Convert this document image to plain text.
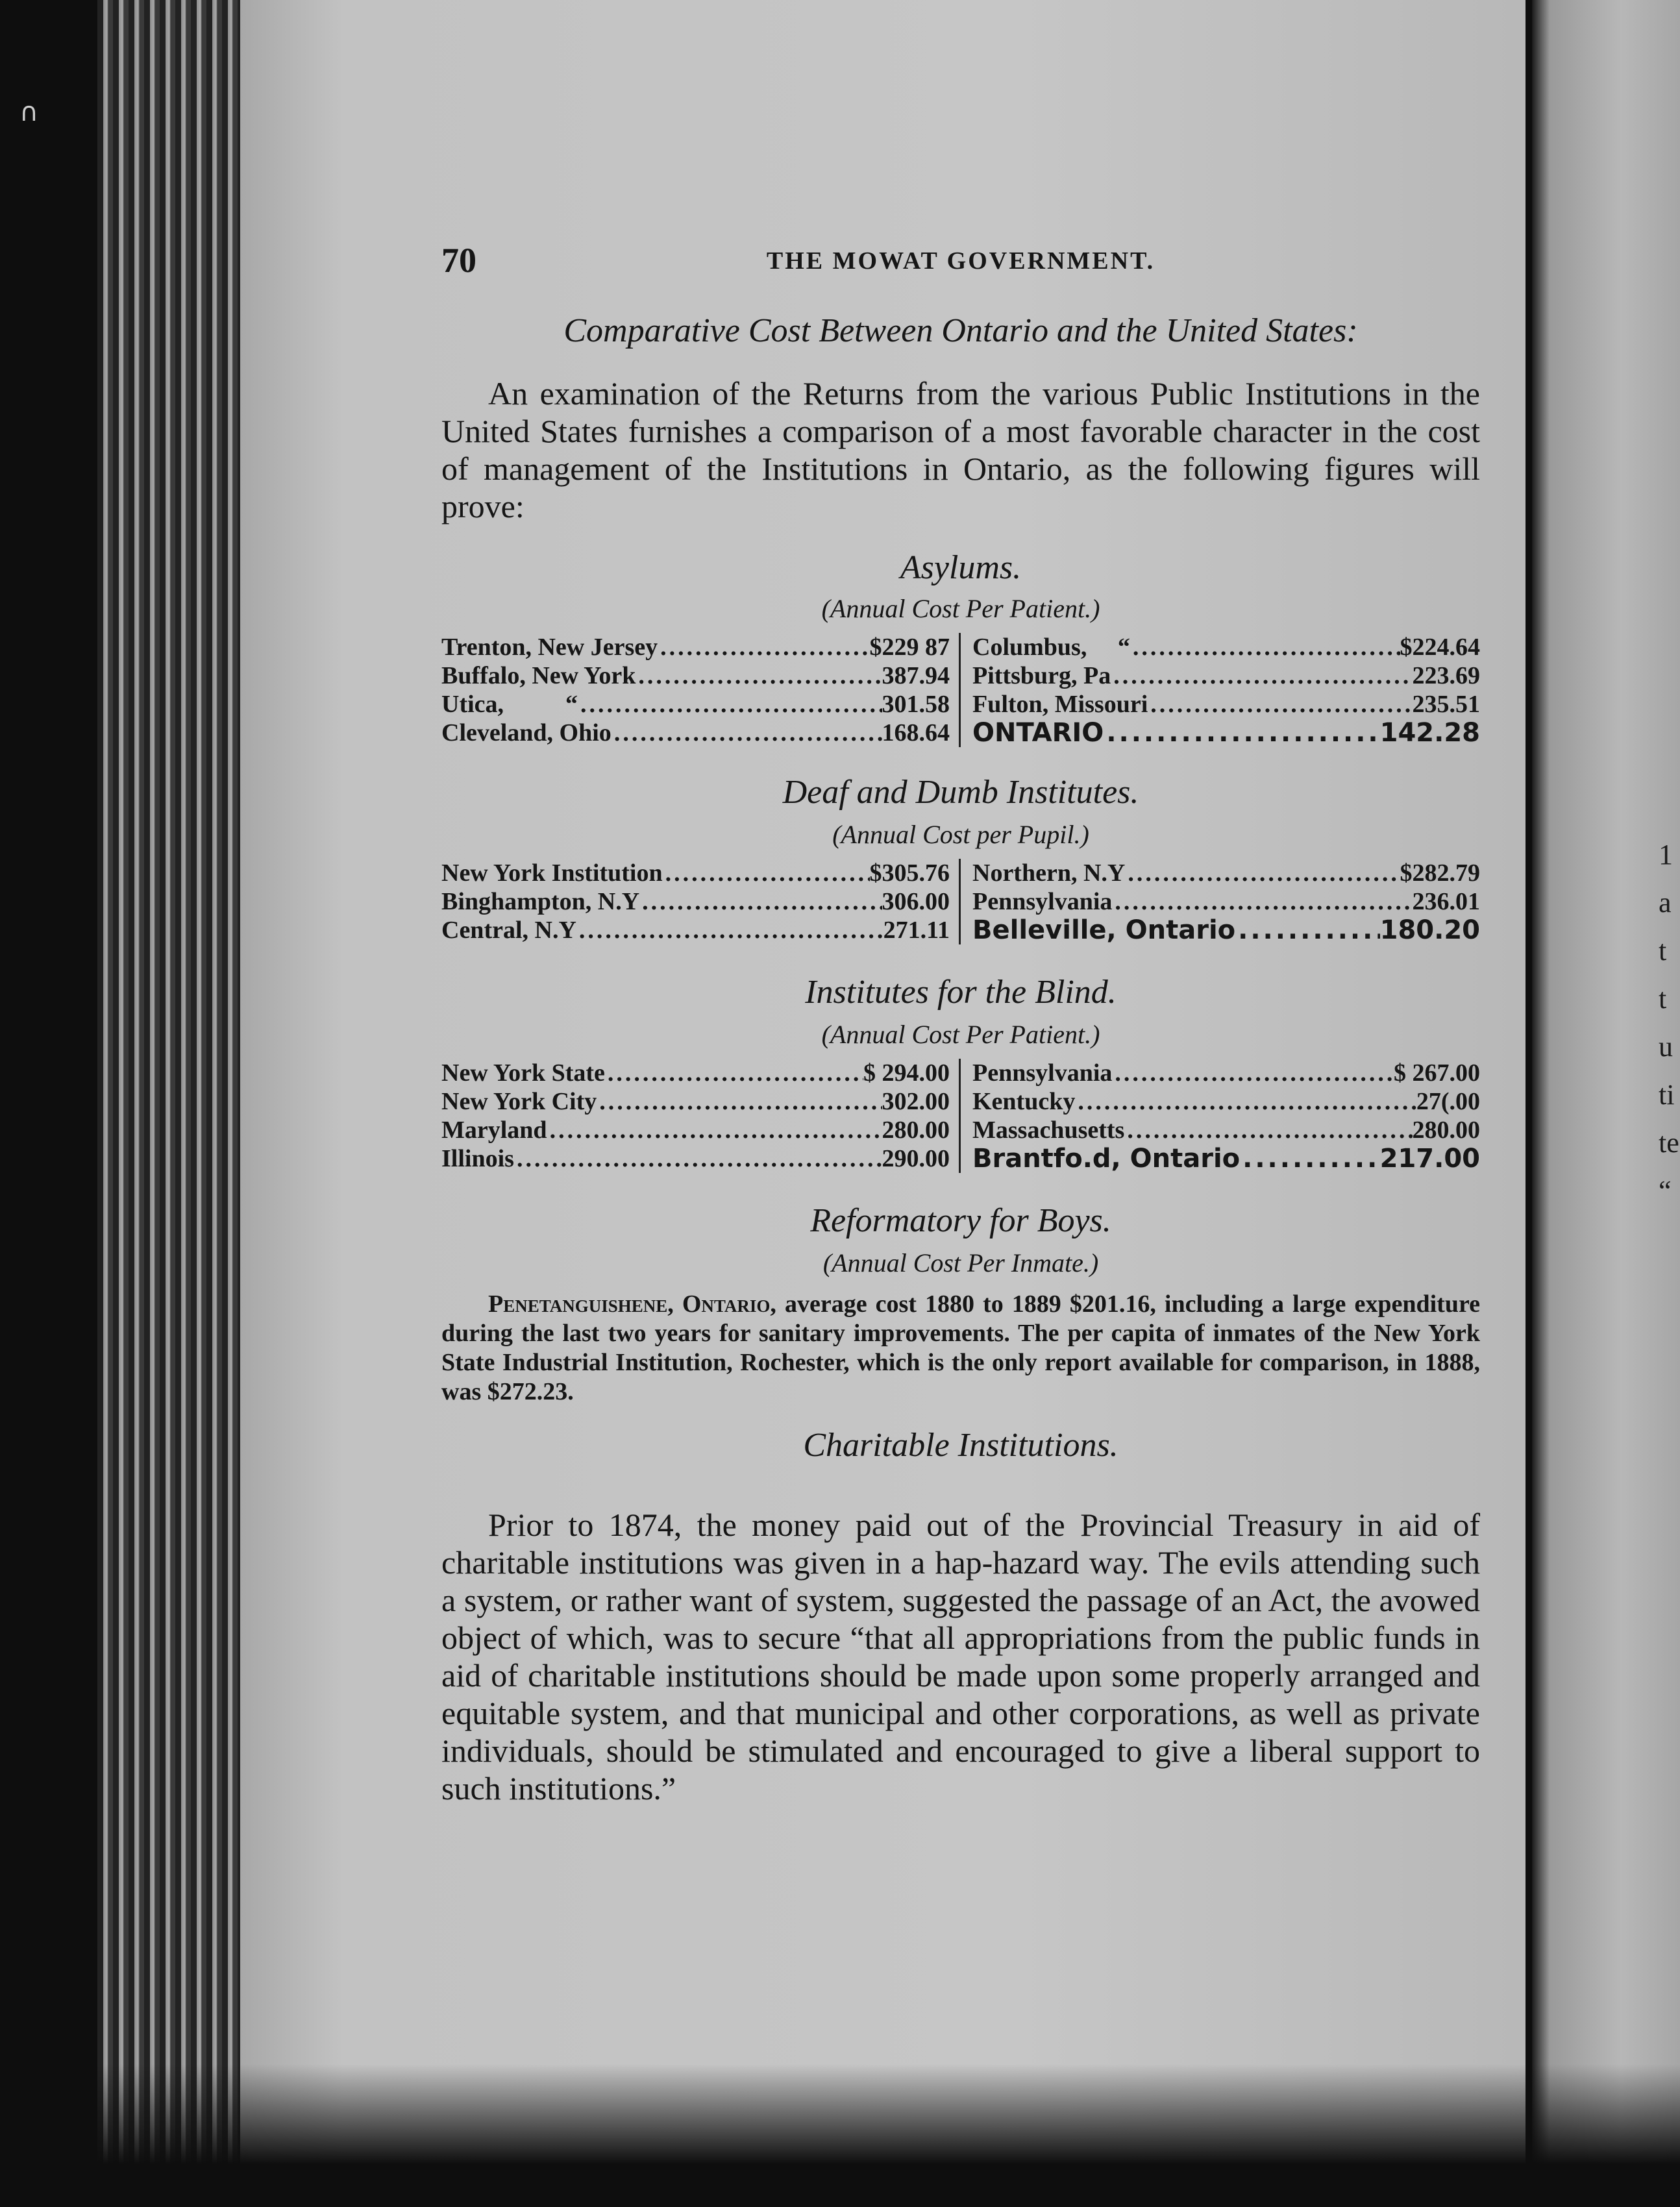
1
a
t
t
u
ti
tе
“
∩
70	THE MOWAT GOVERNMENT.

Comparative Cost Between Ontario and the United States:

An examination of the Returns from the various Public Institutions in the United States furnishes a comparison of a most favorable character in the cost of management of the Institutions in Ontario, as the following figures will prove:

Asylums.

(Annual Cost Per Patient.)

Trenton, New Jersey .....	$229 87
Buffalo, New York .....	387.94
Utica,          “ .....	301.58
Cleveland, Ohio .....	168.64
Columbus,     “ .....	$224.64
Pittsburg, Pa .....	223.69
Fulton, Missouri .....	235.51
ONTARIO .....	142.28

Deaf and Dumb Institutes.

(Annual Cost per Pupil.)

New York Institution .....	$305.76
Binghampton, N.Y .....	306.00
Central, N.Y .....	271.11
Northern, N.Y .....	$282.79
Pennsylvania .....	236.01
Belleville, Ontario .....	180.20

Institutes for the Blind.

(Annual Cost Per Patient.)

New York State .....	$ 294.00
New York City .....	302.00
Maryland .....	280.00
Illinois .....	290.00
Pennsylvania .....	$ 267.00
Kentucky .....	27(.00
Massachusetts .....	280.00
Brantfo.d, Ontario .....	217.00

Reformatory for Boys.

(Annual Cost Per Inmate.)

Penetanguishene, Ontario, average cost 1880 to 1889 $201.16, including a large expenditure during the last two years for sanitary improvements. The per capita of inmates of the New York State Industrial Institution, Rochester, which is the only report available for comparison, in 1888, was $272.23.

Charitable Institutions.

Prior to 1874, the money paid out of the Provincial Treasury in aid of charitable institutions was given in a hap-hazard way. The evils attending such a system, or rather want of system, suggested the passage of an Act, the avowed object of which, was to secure “that all appropriations from the public funds in aid of charitable institutions should be made upon some properly arranged and equitable system, and that municipal and other corporations, as well as private individuals, should be stimulated and encouraged to give a liberal support to such institutions.”
